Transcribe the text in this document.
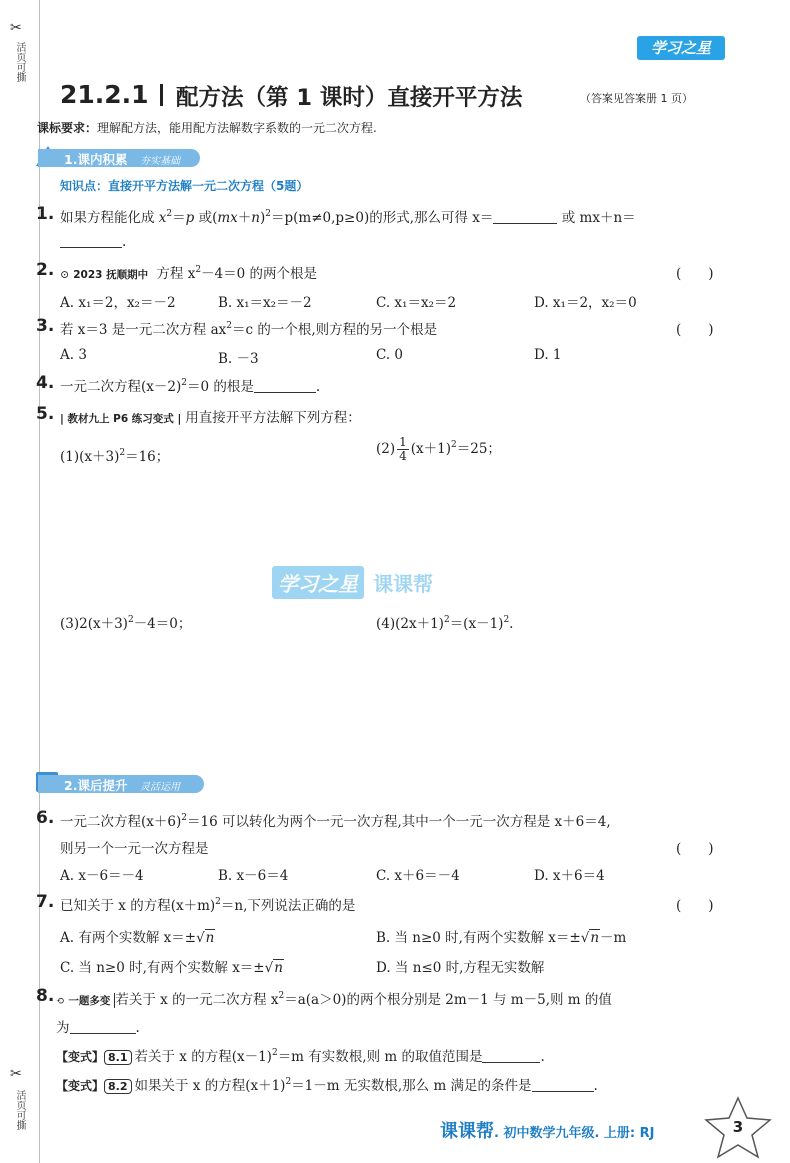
✂
活页可撕
✂
活页可撕
学习之星
21.2.1 配方法（第 1 课时）直接开平方法	（答案见答案册 1 页）
课标要求：理解配方法，能用配方法解数字系数的一元二次方程.
1.课内积累 夯实基础
知识点：直接开平方法解一元二次方程（5题）
1. 如果方程能化成 $x^2=p$ 或$(mx+n)^2=p(m\ne 0,p\ge 0)$的形式,那么可得 x＝	或 mx＋n＝
.
2. ⊙ 2023 抚顺期中 方程 $x^2-4=0$ 的两个根是	(　　)
A. x₁＝2，x₂＝－2	B. x₁＝x₂＝－2	C. x₁＝x₂＝2	D. x₁＝2，x₂＝0
3. 若 x＝3 是一元二次方程 $ax^2=c$ 的一个根,则方程的另一个根是	(　　)
A. 3	B. －3	C. 0	D. 1
4. 一元二次方程$(x-2)^2=0$ 的根是	.
5. | 教材九上 P6 练习变式 | 用直接开平方法解下列方程：
$(1)(x+3)^2=16$；	$(2) \frac{1}{4} (x+1)^2=25$；
学习之星 课课帮
$(3)2(x+3)^2-4=0$；	$(4)(2x+1)^2=(x-1)^2$.
2.课后提升 灵活运用
6. 一元二次方程$(x+6)^2=16$ 可以转化为两个一元一次方程,其中一个一元一次方程是 x＋6＝4,
则另一个一元一次方程是	(　　)
A. x－6＝－4	B. x－6＝4	C. x＋6＝－4	D. x＋6＝4
7. 已知关于 x 的方程$(x+m)^2=n$,下列说法正确的是	(　　)
A. 有两个实数解 x＝±√n	B. 当 n≥0 时,有两个实数解 x＝±√n－m
C. 当 n≥0 时,有两个实数解 x＝±√n	D. 当 n≤0 时,方程无实数解
8. ⟲ 一题多变 若关于 x 的一元二次方程 $x^2=a(a>0)$的两个根分别是 2m－1 与 m－5,则 m 的值
为	.
【变式】 8.1 若关于 x 的方程$(x-1)^2=m$ 有实数根,则 m 的取值范围是	.
【变式】 8.2 如果关于 x 的方程$(x+1)^2=1-m$ 无实数根,那么 m 满足的条件是	.
课课帮. 初中数学九年级. 上册: RJ	3
